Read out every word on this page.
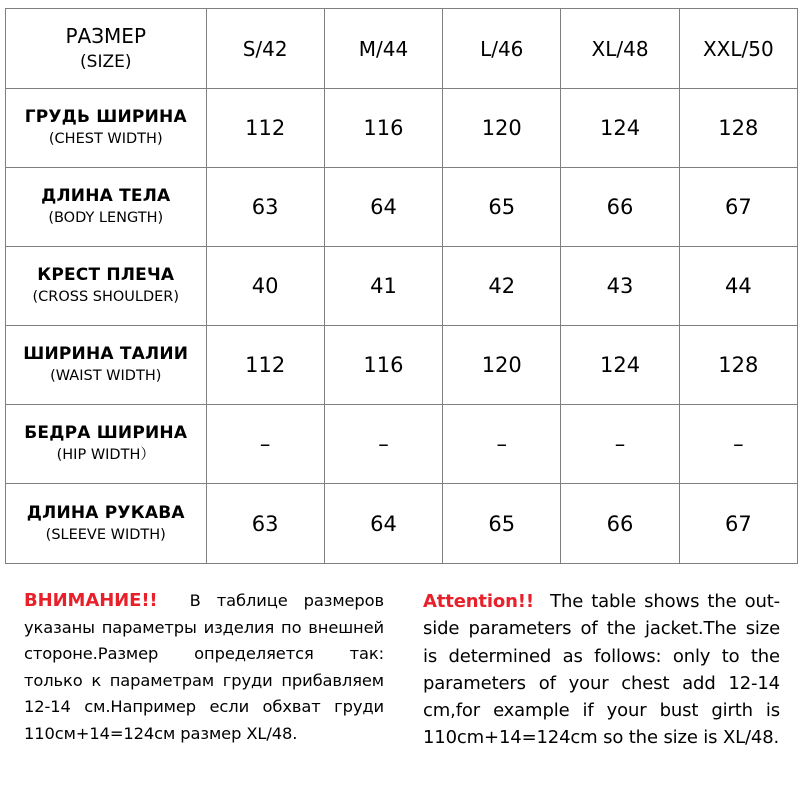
РАЗМЕР
(SIZE)	S/42	M/44	L/46	XL/48	XXL/50

ГРУДЬ ШИРИНА
(CHEST WIDTH)	112	116	120	124	128

ДЛИНА ТЕЛА
(BODY LENGTH)	63	64	65	66	67

КРЕСТ ПЛЕЧА
(CROSS SHOULDER)	40	41	42	43	44

ШИРИНА ТАЛИИ
(WAIST WIDTH)	112	116	120	124	128

БЕДРА ШИРИНА
(HIP WIDTH）	–	–	–	–	–

ДЛИНА РУКАВА
(SLEEVE WIDTH)	63	64	65	66	67
ВНИМАНИЕ!! В таблице размеров указаны параметры изделия по внешней стороне.Размер определяется так: только к параметрам груди прибавляем 12-14 см.Например если обхват груди 110см+14=124см размер XL/48.
Attention!! The table shows the out-side parameters of the jacket.The size is determined as follows: only to the parameters of your chest add 12-14 cm,for example if your bust girth is 110cm+14=124cm so the size is XL/48.
